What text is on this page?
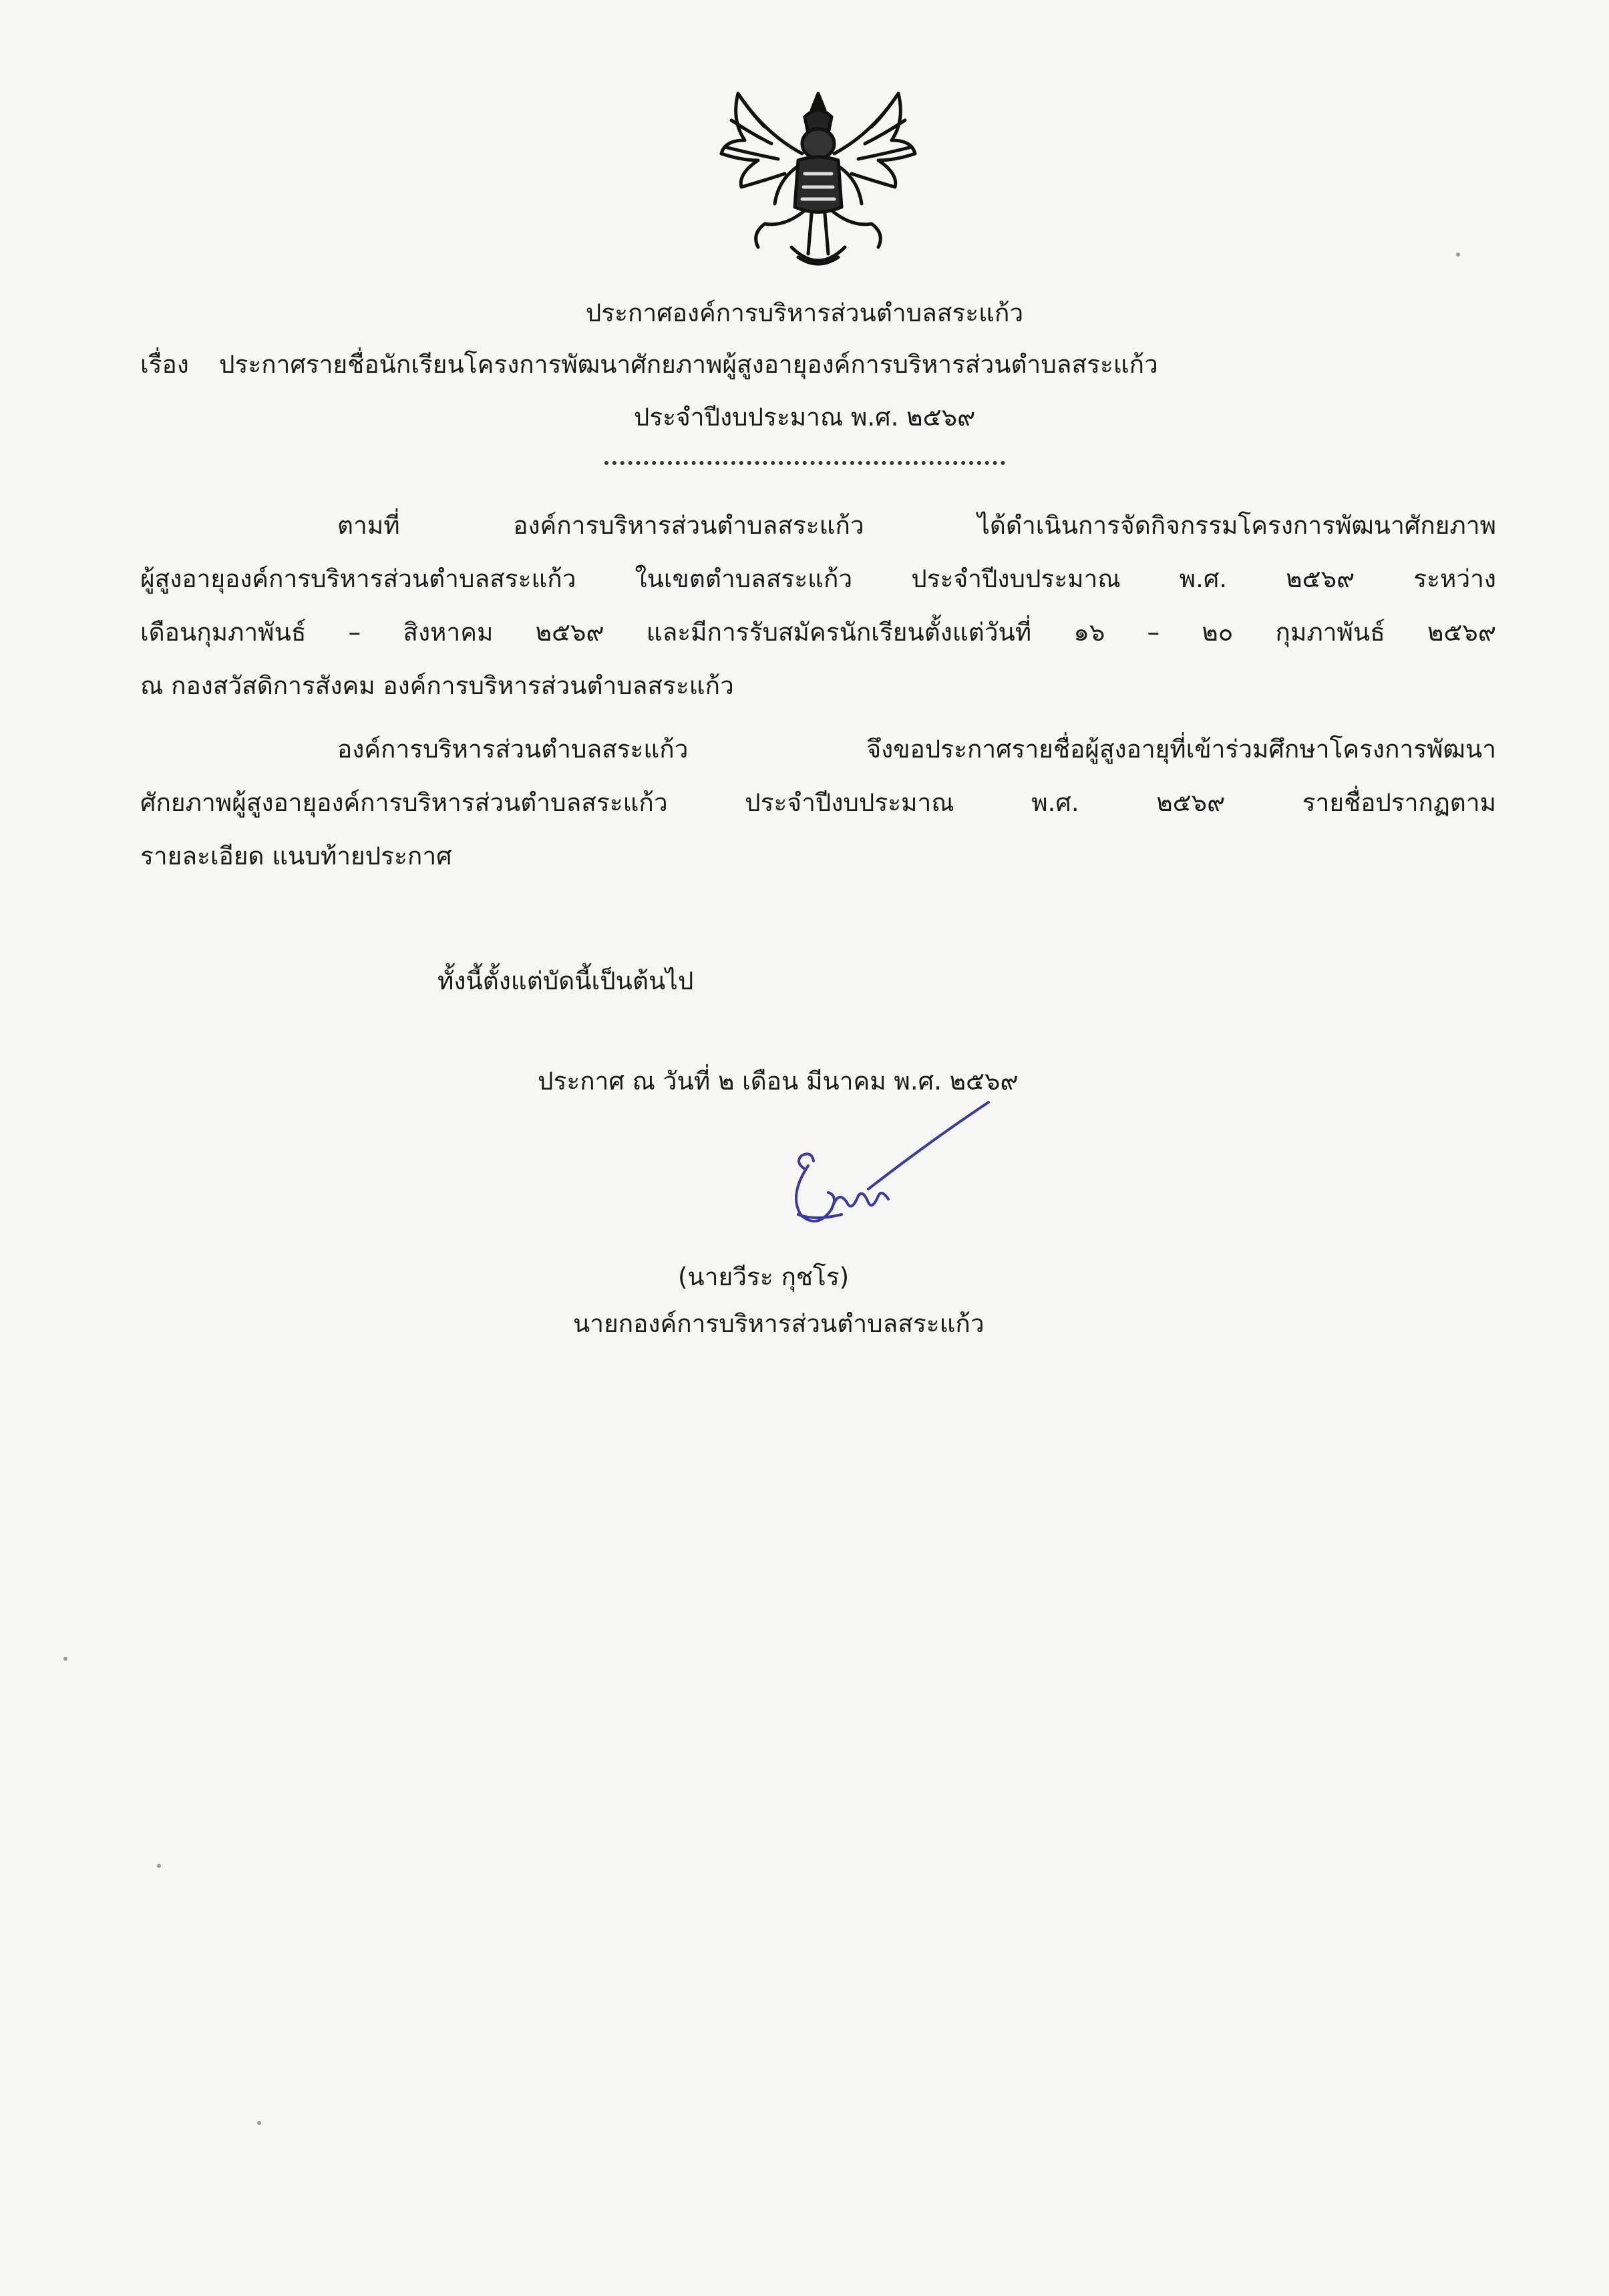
ประกาศองค์การบริหารส่วนตำบลสระแก้ว
เรื่อง ประกาศรายชื่อนักเรียนโครงการพัฒนาศักยภาพผู้สูงอายุองค์การบริหารส่วนตำบลสระแก้ว
ประจำปีงบประมาณ พ.ศ. ๒๕๖๙
ตามที่ องค์การบริหารส่วนตำบลสระแก้ว ได้ดำเนินการจัดกิจกรรมโครงการพัฒนาศักยภาพ
ผู้สูงอายุองค์การบริหารส่วนตำบลสระแก้ว ในเขตตำบลสระแก้ว ประจำปีงบประมาณ พ.ศ. ๒๕๖๙ ระหว่าง
เดือนกุมภาพันธ์ – สิงหาคม ๒๕๖๙ และมีการรับสมัครนักเรียนตั้งแต่วันที่ ๑๖ – ๒๐ กุมภาพันธ์ ๒๕๖๙
ณ กองสวัสดิการสังคม องค์การบริหารส่วนตำบลสระแก้ว
องค์การบริหารส่วนตำบลสระแก้ว จึงขอประกาศรายชื่อผู้สูงอายุที่เข้าร่วมศึกษาโครงการพัฒนา
ศักยภาพผู้สูงอายุองค์การบริหารส่วนตำบลสระแก้ว ประจำปีงบประมาณ พ.ศ. ๒๕๖๙ รายชื่อปรากฏตาม
รายละเอียด แนบท้ายประกาศ
ทั้งนี้ตั้งแต่บัดนี้เป็นต้นไป
ประกาศ ณ วันที่ ๒ เดือน มีนาคม พ.ศ. ๒๕๖๙
(นายวีระ กุชโร)
นายกองค์การบริหารส่วนตำบลสระแก้ว
